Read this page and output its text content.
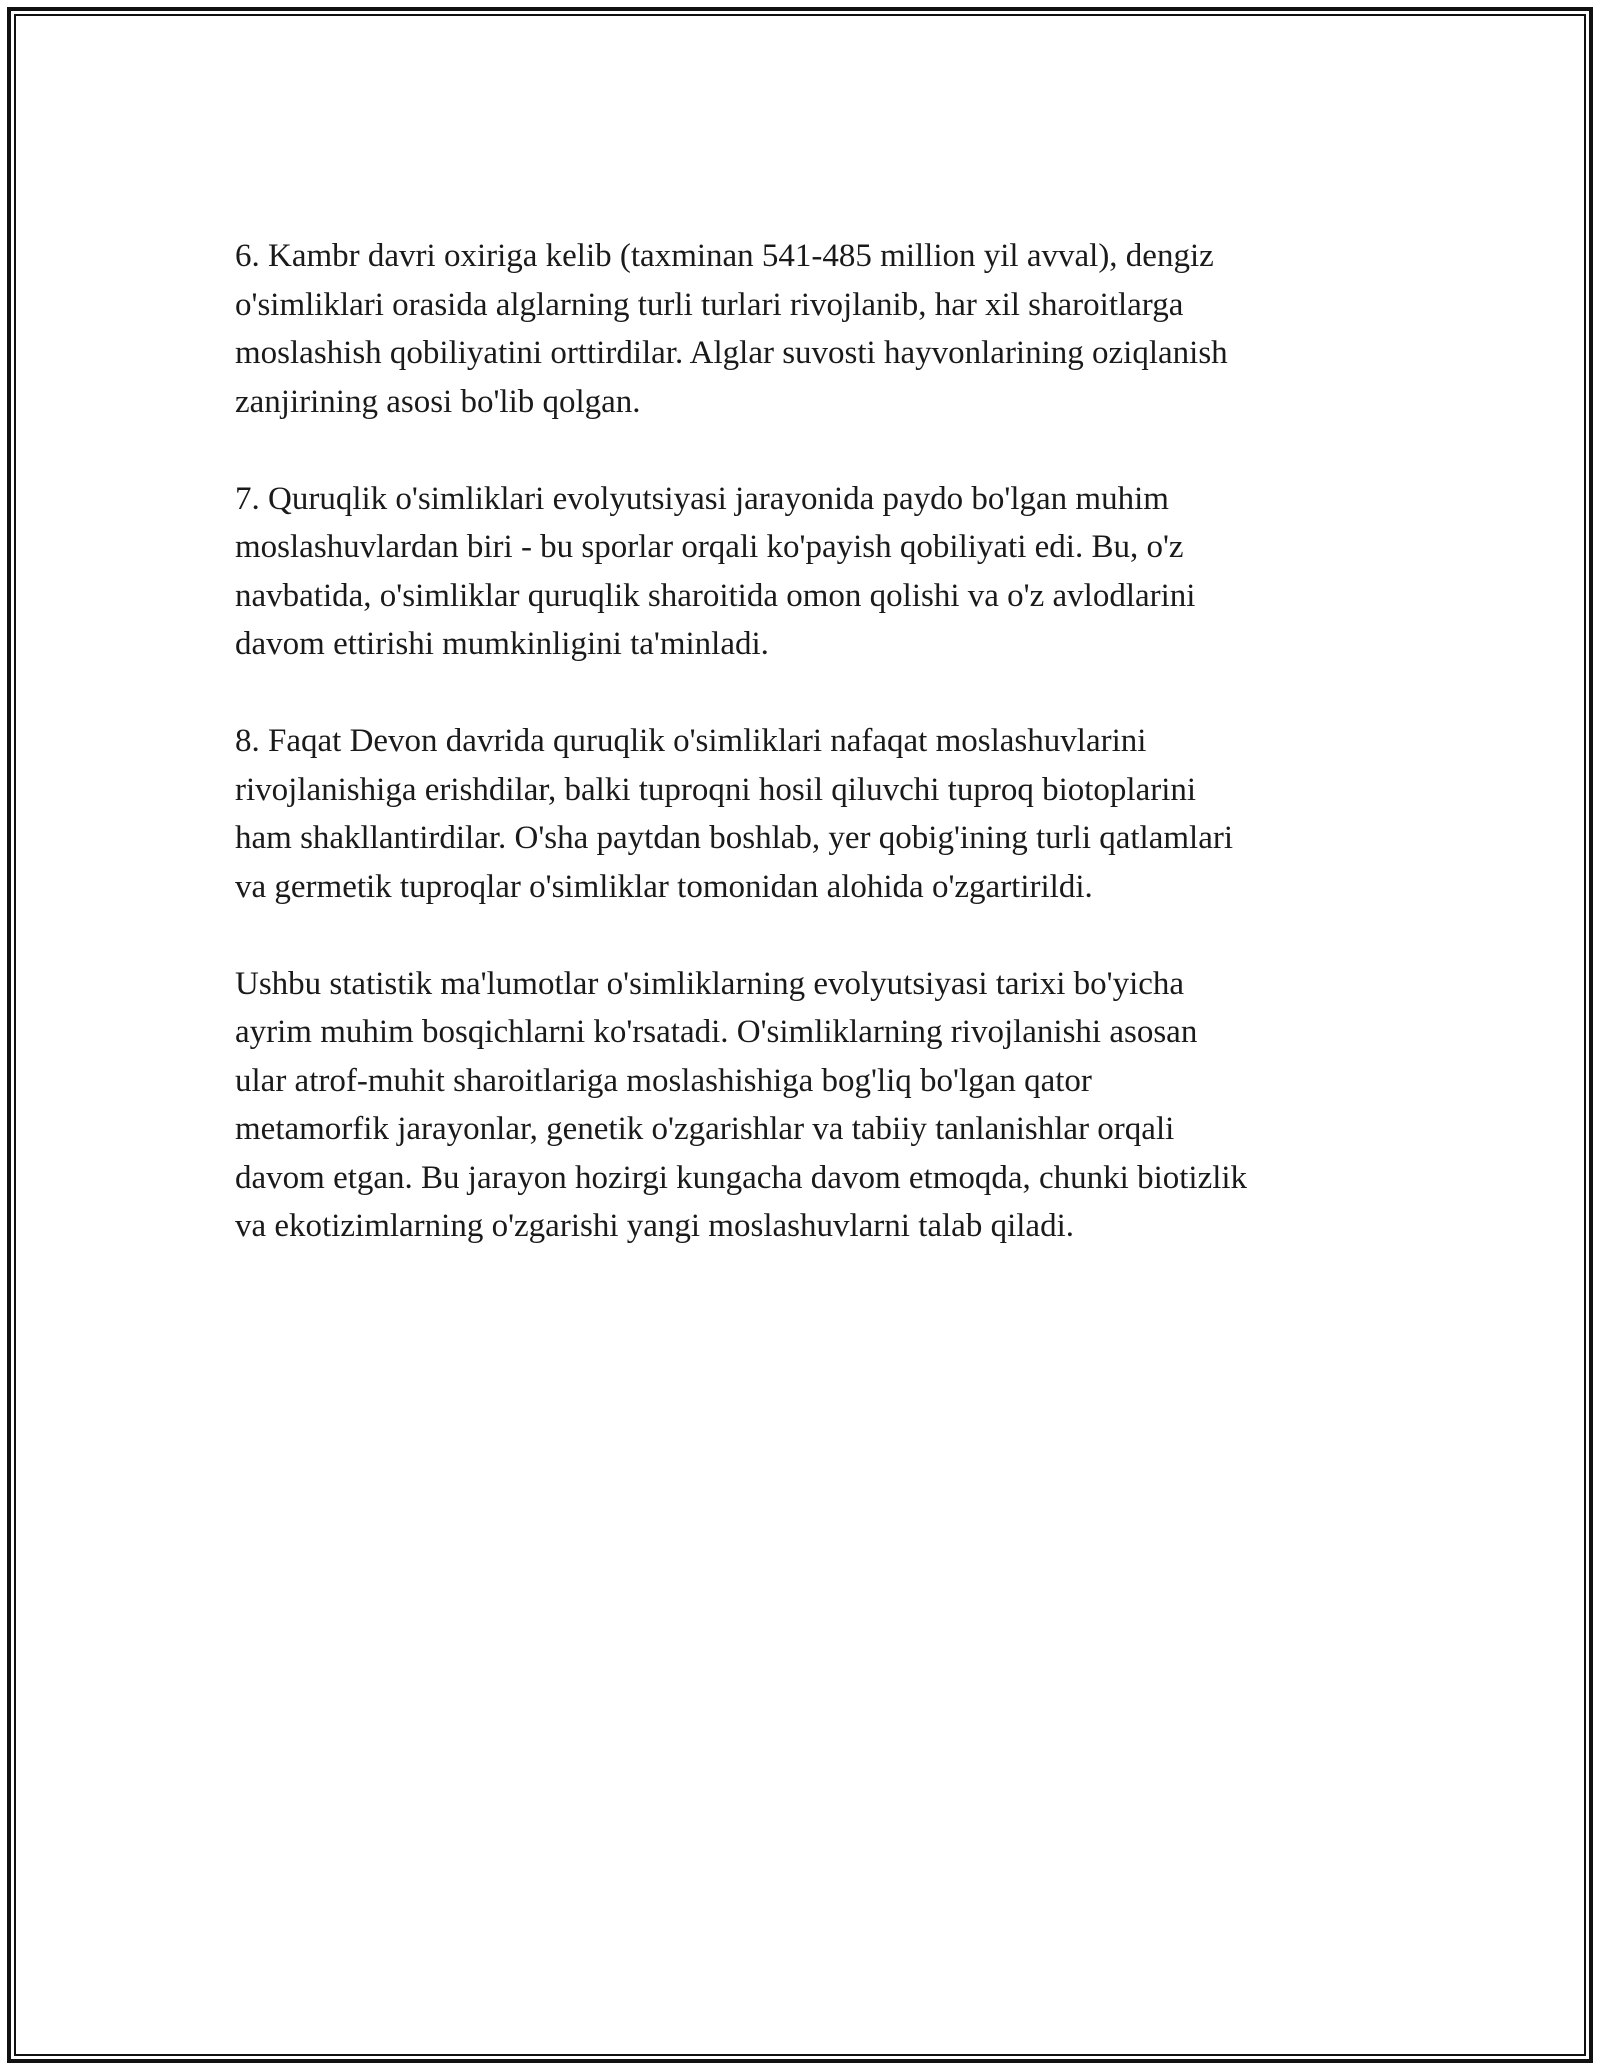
6. Kambr davri oxiriga kelib (taxminan 541-485 million yil avval), dengiz
o'simliklari orasida alglarning turli turlari rivojlanib, har xil sharoitlarga
moslashish qobiliyatini orttirdilar. Alglar suvosti hayvonlarining oziqlanish
zanjirining asosi bo'lib qolgan.

7. Quruqlik o'simliklari evolyutsiyasi jarayonida paydo bo'lgan muhim
moslashuvlardan biri - bu sporlar orqali ko'payish qobiliyati edi. Bu, o'z
navbatida, o'simliklar quruqlik sharoitida omon qolishi va o'z avlodlarini
davom ettirishi mumkinligini ta'minladi.

8. Faqat Devon davrida quruqlik o'simliklari nafaqat moslashuvlarini
rivojlanishiga erishdilar, balki tuproqni hosil qiluvchi tuproq biotoplarini
ham shakllantirdilar. O'sha paytdan boshlab, yer qobig'ining turli qatlamlari
va germetik tuproqlar o'simliklar tomonidan alohida o'zgartirildi.

Ushbu statistik ma'lumotlar o'simliklarning evolyutsiyasi tarixi bo'yicha
ayrim muhim bosqichlarni ko'rsatadi. O'simliklarning rivojlanishi asosan
ular atrof-muhit sharoitlariga moslashishiga bog'liq bo'lgan qator
metamorfik jarayonlar, genetik o'zgarishlar va tabiiy tanlanishlar orqali
davom etgan. Bu jarayon hozirgi kungacha davom etmoqda, chunki biotizlik
va ekotizimlarning o'zgarishi yangi moslashuvlarni talab qiladi.
